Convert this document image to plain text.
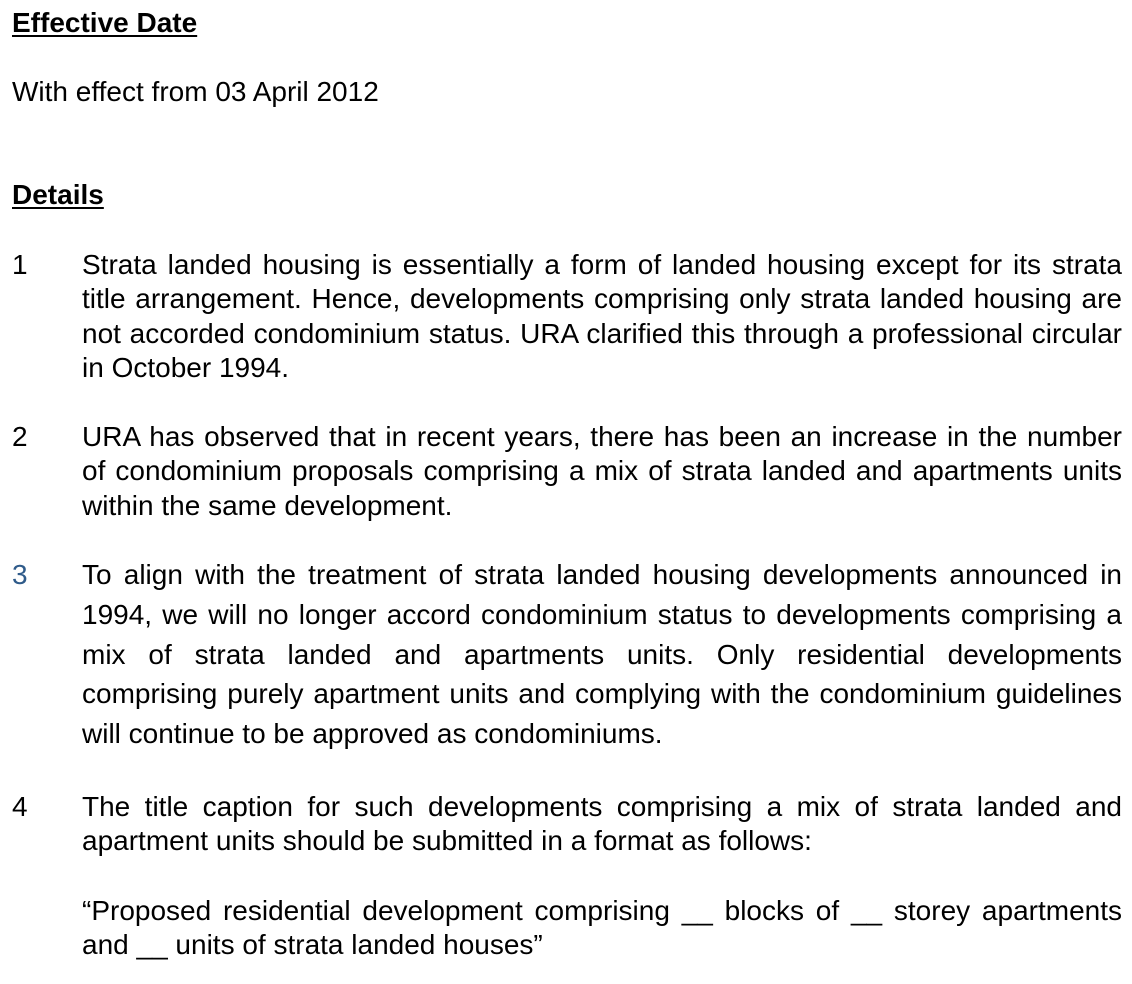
Effective Date

With effect from 03 April 2012

Details
1 Strata landed housing is essentially a form of landed housing except for its strata title arrangement. Hence, developments comprising only strata landed housing are not accorded condominium status. URA clarified this through a professional circular in October 1994.

2 URA has observed that in recent years, there has been an increase in the number of condominium proposals comprising a mix of strata landed and apartments units within the same development.

3 To align with the treatment of strata landed housing developments announced in 1994, we will no longer accord condominium status to developments comprising a mix of strata landed and apartments units. Only residential developments comprising purely apartment units and complying with the condominium guidelines will continue to be approved as condominiums.

4 The title caption for such developments comprising a mix of strata landed and apartment units should be submitted in a format as follows:

“Proposed residential development comprising __ blocks of __ storey apartments and __ units of strata landed houses”
